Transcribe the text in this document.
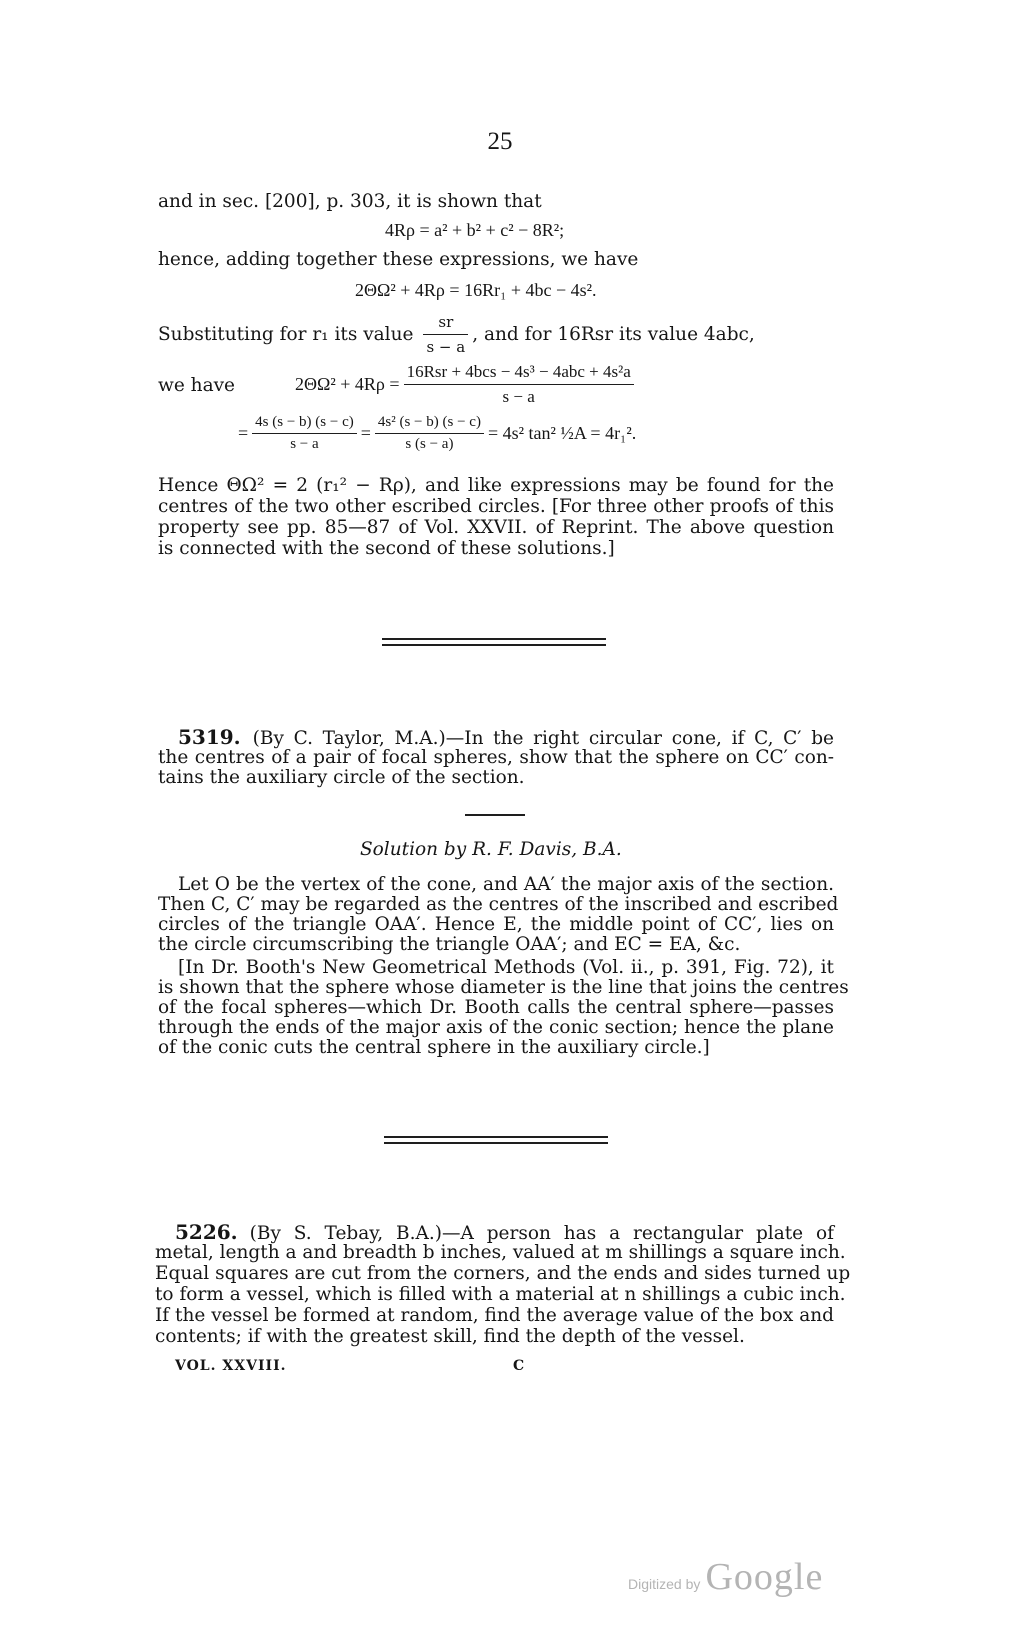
25
and in sec. [200], p. 303, it is shown that
4Rρ = a² + b² + c² − 8R²;
hence, adding together these expressions, we have
2ΘΩ² + 4Rρ = 16Rr₁ + 4bc − 4s².
Substituting for r₁ its value $\frac{sr}{s - a}$ , and for 16Rsr its value 4abc,
we have	$2\Theta\Omega^2 + 4R\rho = \frac{\text{16Rsr + 4bcs − 4s³ − 4abc + 4s²a}}{s - a}$
= $\frac{4s (s - b) (s - c)}{s - a} = \frac{\text{4s² (s − b) (s − c)}}{s (s - a)} = 4s^2$ tan² ½A = 4r₁².
Hence ΘΩ² = 2 (r₁² − Rρ), and like expressions may be found for the
centres of the two other escribed circles. [For three other proofs of this
property see pp. 85—87 of Vol. XXVII. of Reprint. The above question
is connected with the second of these solutions.]
5319. (By C. Taylor, M.A.)—In the right circular cone, if C, C′ be
the centres of a pair of focal spheres, show that the sphere on CC′ con-
tains the auxiliary circle of the section.
Solution by R. F. Davis, B.A.
Let O be the vertex of the cone, and AA′ the major axis of the section.
Then C, C′ may be regarded as the centres of the inscribed and escribed
circles of the triangle OAA′. Hence E, the middle point of CC′, lies on
the circle circumscribing the triangle OAA′; and EC = EA, &c.
[In Dr. Booth's New Geometrical Methods (Vol. ii., p. 391, Fig. 72), it
is shown that the sphere whose diameter is the line that joins the centres
of the focal spheres—which Dr. Booth calls the central sphere—passes
through the ends of the major axis of the conic section; hence the plane
of the conic cuts the central sphere in the auxiliary circle.]
5226. (By S. Tebay, B.A.)—A person has a rectangular plate of
metal, length a and breadth b inches, valued at m shillings a square inch.
Equal squares are cut from the corners, and the ends and sides turned up
to form a vessel, which is filled with a material at n shillings a cubic inch.
If the vessel be formed at random, find the average value of the box and
contents; if with the greatest skill, find the depth of the vessel.
VOL. XXVIII.	C
Digitized by Google
